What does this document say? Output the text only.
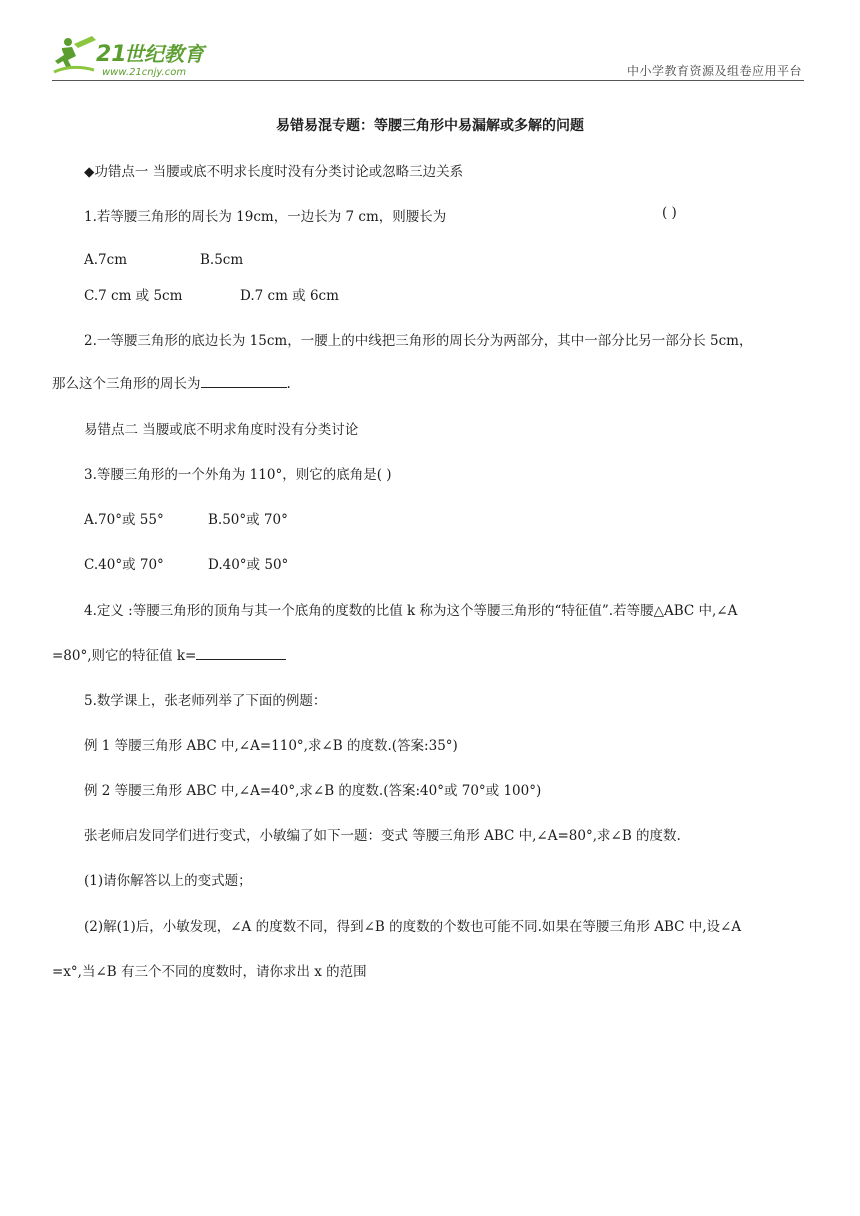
21
世纪教育
www.21cnjy.com	中小学教育资源及组卷应用平台
易错易混专题：等腰三角形中易漏解或多解的问题
◆功错点一 当腰或底不明求长度时没有分类讨论或忽略三边关系
1.若等腰三角形的周长为 19cm，一边长为 7 cm，则腰长为	( )
A.7cm	B.5cm
C.7 cm 或 5cm	D.7 cm 或 6cm
2.一等腰三角形的底边长为 15cm，一腰上的中线把三角形的周长分为两部分，其中一部分比另一部分长 5cm，
那么这个三角形的周长为	.
易错点二 当腰或底不明求角度时没有分类讨论
3.等腰三角形的一个外角为 110°，则它的底角是( )
A.70°或 55°	B.50°或 70°
C.40°或 70°	D.40°或 50°
4.定义 :等腰三角形的顶角与其一个底角的度数的比值 k 称为这个等腰三角形的“特征值”.若等腰△ABC 中,∠A
=80°,则它的特征值 k=
5.数学课上，张老师列举了下面的例题：
例 1 等腰三角形 ABC 中,∠A=110°,求∠B 的度数.(答案:35°)
例 2 等腰三角形 ABC 中,∠A=40°,求∠B 的度数.(答案:40°或 70°或 100°)
张老师启发同学们进行变式，小敏编了如下一题：变式 等腰三角形 ABC 中,∠A=80°,求∠B 的度数.
(1)请你解答以上的变式题；
(2)解(1)后，小敏发现，∠A 的度数不同，得到∠B 的度数的个数也可能不同.如果在等腰三角形 ABC 中,设∠A
=x°,当∠B 有三个不同的度数时，请你求出 x 的范围
